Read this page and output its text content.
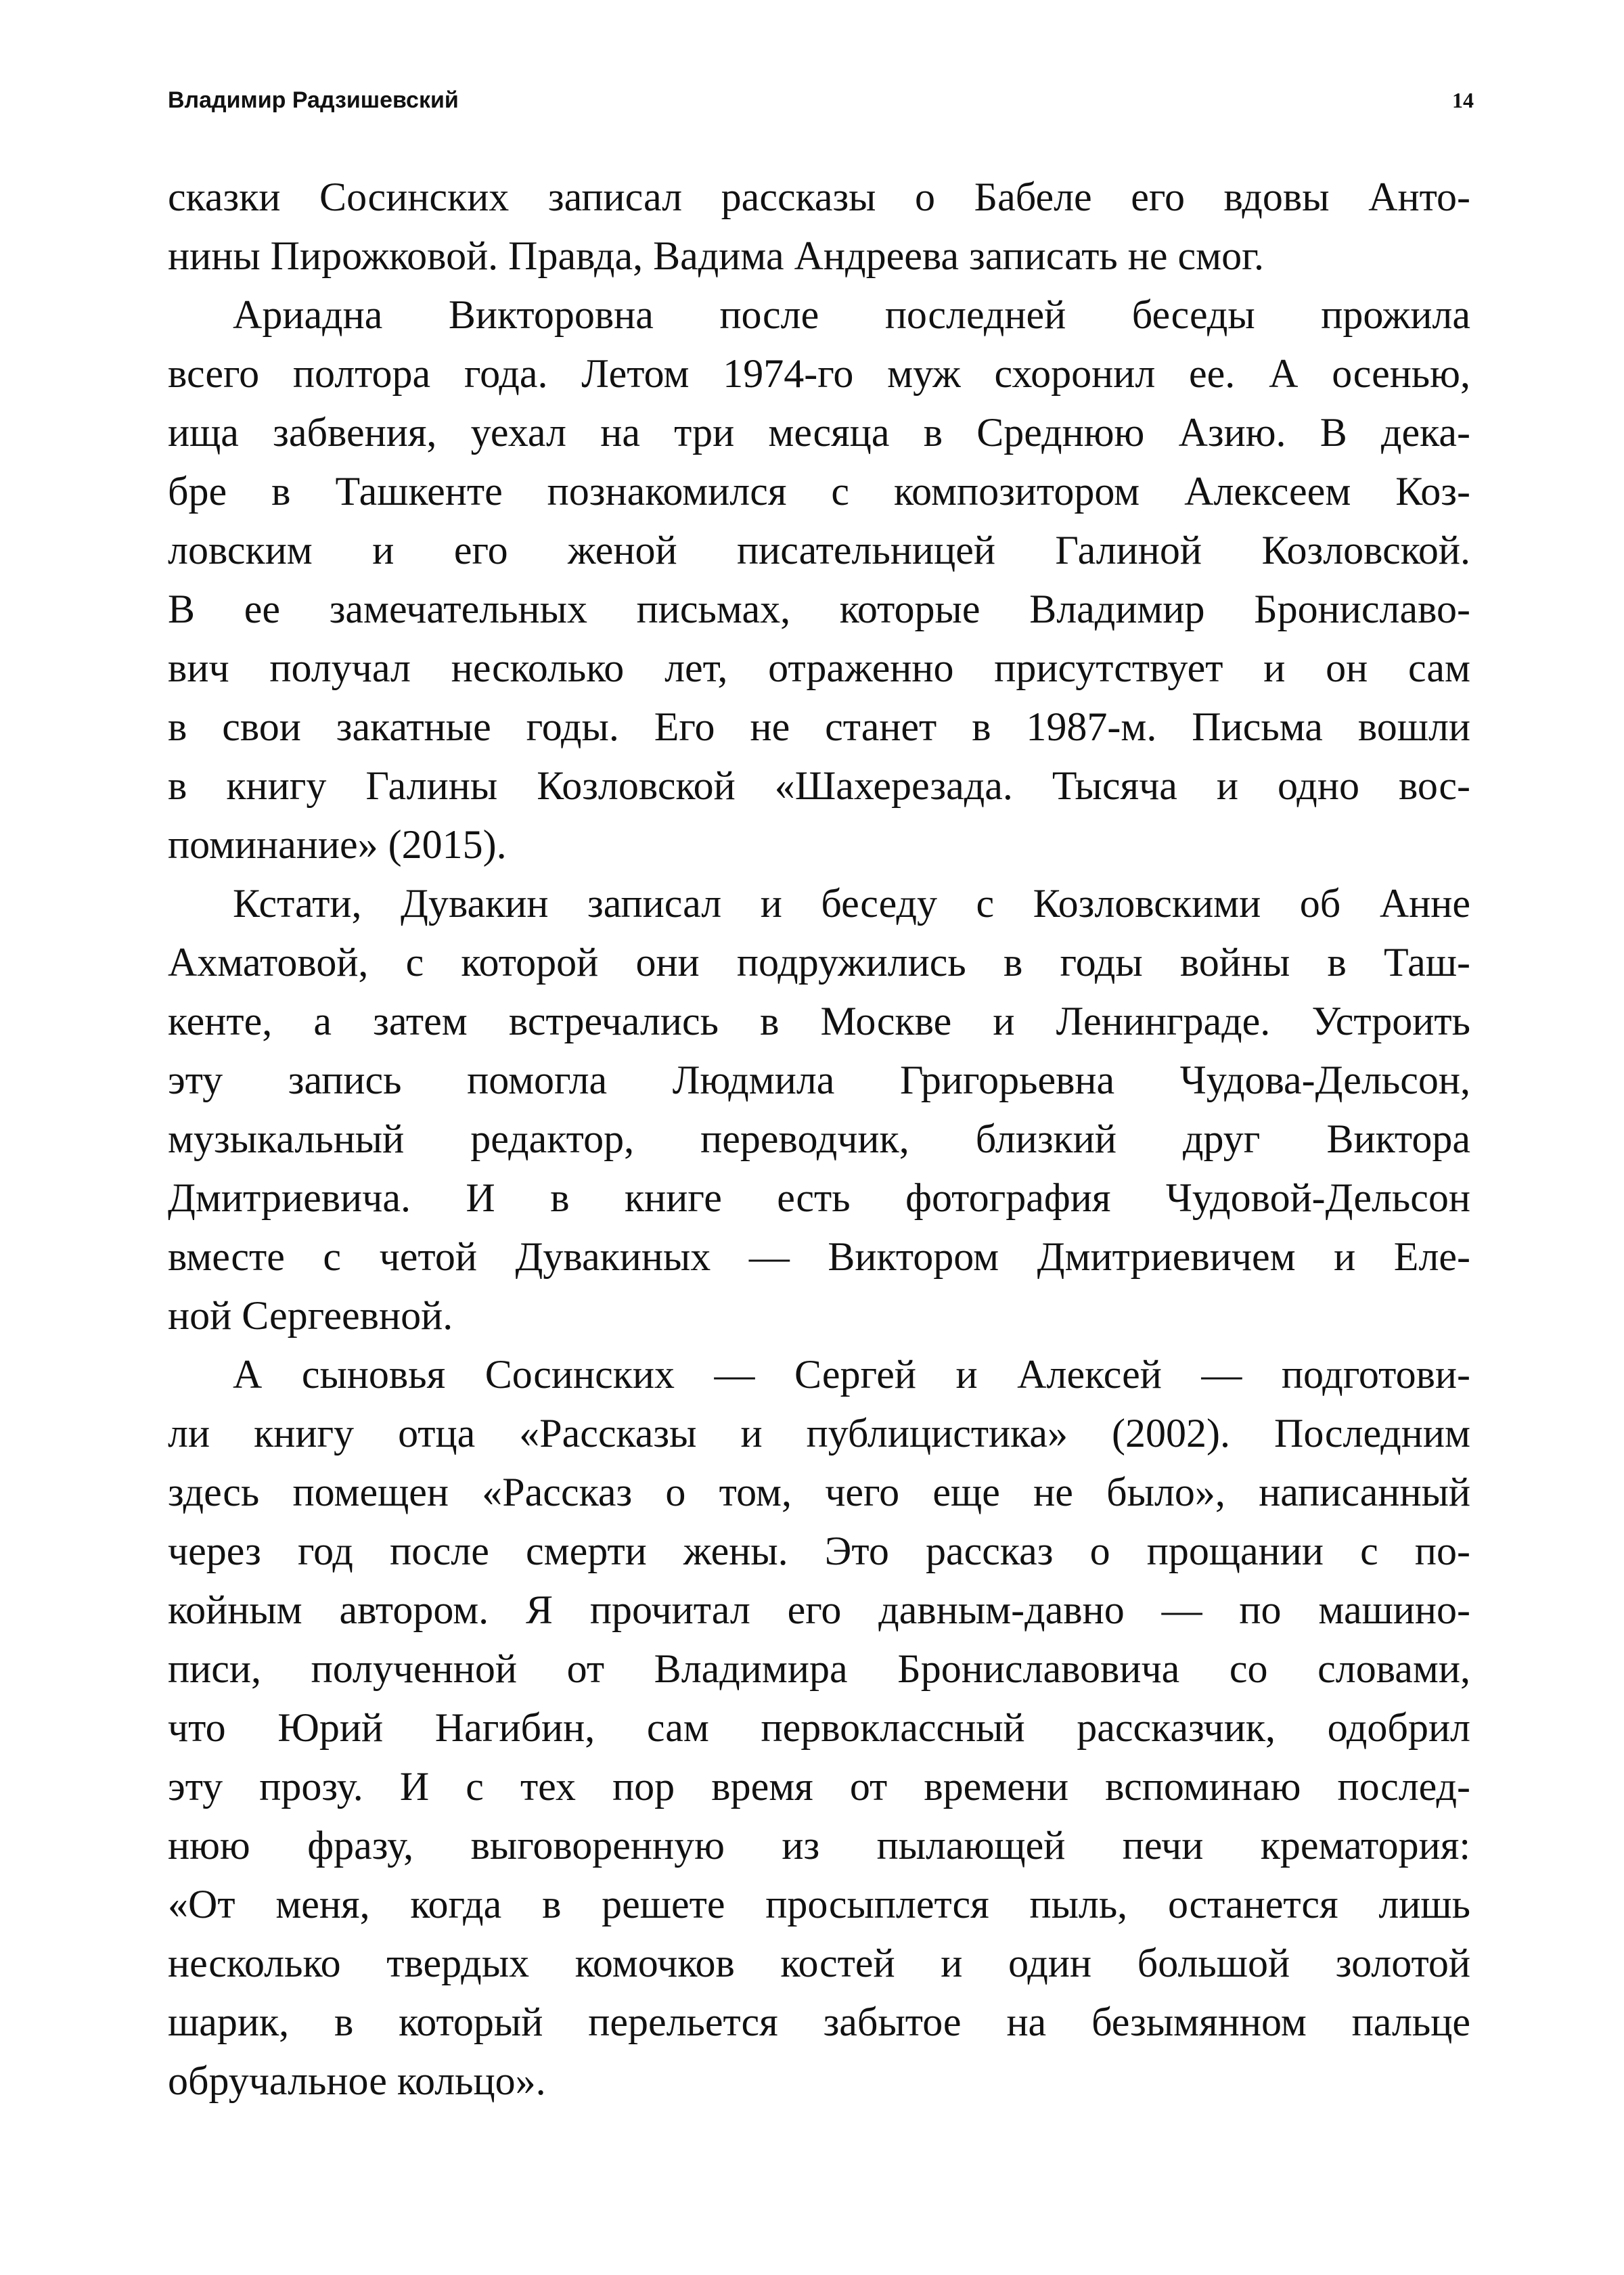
Владимир Радзишевский	14

сказки Сосинских записал рассказы о Бабеле его вдовы Анто-
нины Пирожковой. Правда, Вадима Андреева записать не смог.

Ариадна Викторовна после последней беседы прожила
всего полтора года. Летом 1974-го муж схоронил ее. А осенью,
ища забвения, уехал на три месяца в Среднюю Азию. В дека-
бре в Ташкенте познакомился с композитором Алексеем Коз-
ловским и его женой писательницей Галиной Козловской.
В ее замечательных письмах, которые Владимир Брониславо-
вич получал несколько лет, отраженно присутствует и он сам
в свои закатные годы. Его не станет в 1987-м. Письма вошли
в книгу Галины Козловской «Шахерезада. Тысяча и одно вос-
поминание» (2015).

Кстати, Дувакин записал и беседу с Козловскими об Анне
Ахматовой, с которой они подружились в годы войны в Таш-
кенте, а затем встречались в Москве и Ленинграде. Устроить
эту запись помогла Людмила Григорьевна Чудова-Дельсон,
музыкальный редактор, переводчик, близкий друг Виктора
Дмитриевича. И в книге есть фотография Чудовой-Дельсон
вместе с четой Дувакиных — Виктором Дмитриевичем и Еле-
ной Сергеевной.

А сыновья Сосинских — Сергей и Алексей — подготови-
ли книгу отца «Рассказы и публицистика» (2002). Последним
здесь помещен «Рассказ о том, чего еще не было», написанный
через год после смерти жены. Это рассказ о прощании с по-
койным автором. Я прочитал его давным-давно — по машино-
писи, полученной от Владимира Брониславовича со словами,
что Юрий Нагибин, сам первоклассный рассказчик, одобрил
эту прозу. И с тех пор время от времени вспоминаю послед-
нюю фразу, выговоренную из пылающей печи крематория:
«От меня, когда в решете просыплется пыль, останется лишь
несколько твердых комочков костей и один большой золотой
шарик, в который перельется забытое на безымянном пальце
обручальное кольцо».
